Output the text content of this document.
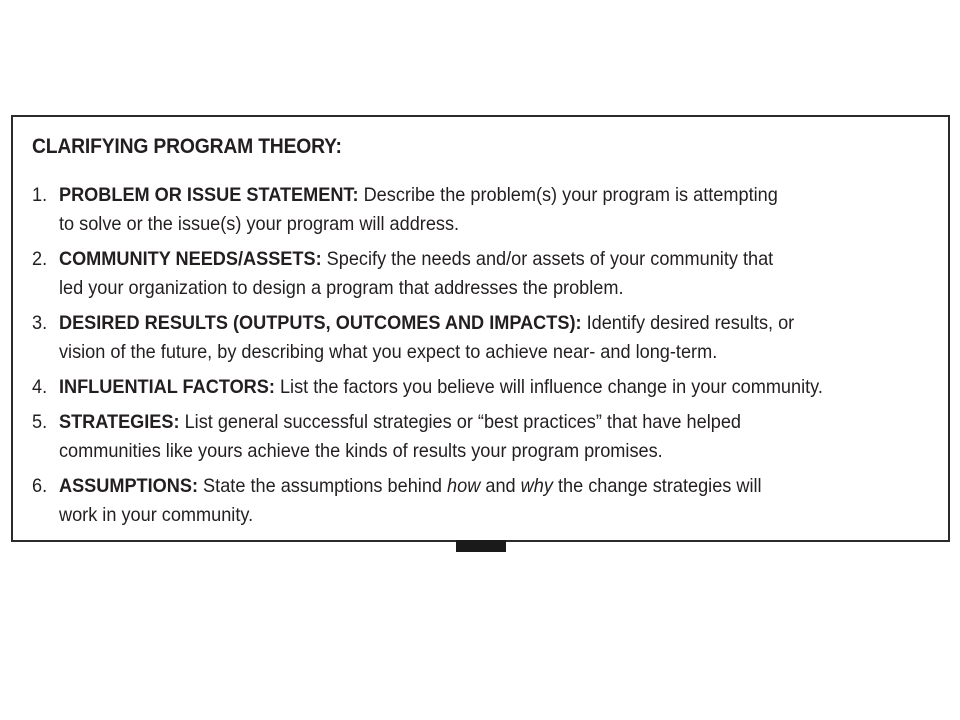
CLARIFYING PROGRAM THEORY:
1. PROBLEM OR ISSUE STATEMENT: Describe the problem(s) your program is attempting
to solve or the issue(s) your program will address.
2. COMMUNITY NEEDS/ASSETS: Specify the needs and/or assets of your community that
led your organization to design a program that addresses the problem.
3. DESIRED RESULTS (OUTPUTS, OUTCOMES AND IMPACTS): Identify desired results, or
vision of the future, by describing what you expect to achieve near- and long-term.
4. INFLUENTIAL FACTORS: List the factors you believe will influence change in your community.
5. STRATEGIES: List general successful strategies or “best practices” that have helped
communities like yours achieve the kinds of results your program promises.
6. ASSUMPTIONS: State the assumptions behind how and why the change strategies will
work in your community.
